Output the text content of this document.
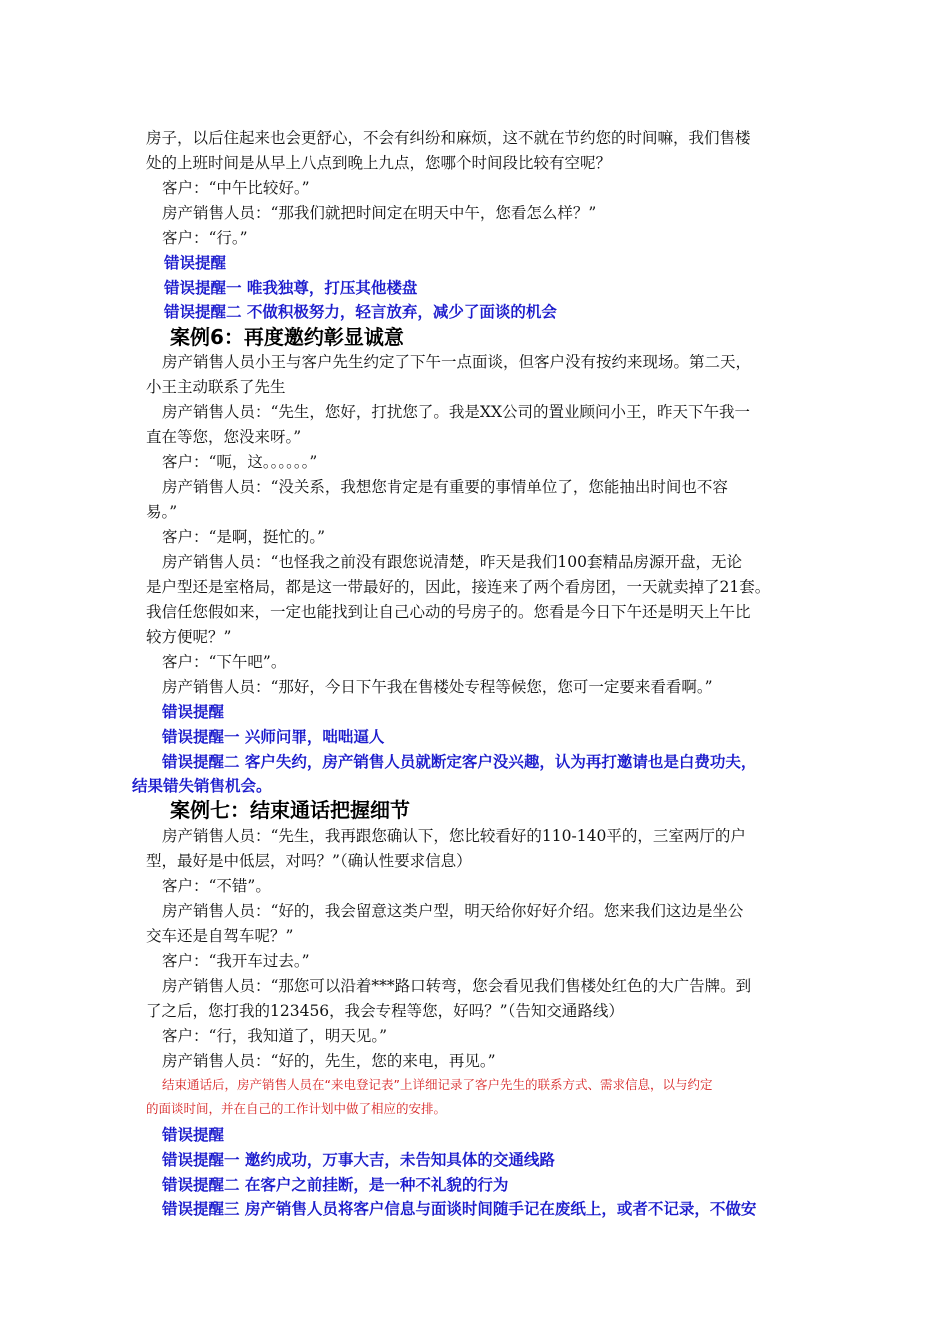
房子，以后住起来也会更舒心，不会有纠纷和麻烦，这不就在节约您的时间嘛，我们售楼
处的上班时间是从早上八点到晚上九点，您哪个时间段比较有空呢？
客户：“中午比较好。”
房产销售人员：“那我们就把时间定在明天中午，您看怎么样？”
客户：“行。”
错误提醒
错误提醒一 唯我独尊，打压其他楼盘
错误提醒二 不做积极努力，轻言放弃，减少了面谈的机会
案例6：再度邀约彰显诚意
房产销售人员小王与客户先生约定了下午一点面谈，但客户没有按约来现场。第二天，
小王主动联系了先生
房产销售人员：“先生，您好，打扰您了。我是XX公司的置业顾问小王，昨天下午我一
直在等您，您没来呀。”
客户：“呃，这。。。。。。”
房产销售人员：“没关系，我想您肯定是有重要的事情单位了，您能抽出时间也不容
易。”
客户：“是啊，挺忙的。”
房产销售人员：“也怪我之前没有跟您说清楚，昨天是我们100套精品房源开盘，无论
是户型还是室格局，都是这一带最好的，因此，接连来了两个看房团，一天就卖掉了21套。
我信任您假如来，一定也能找到让自己心动的号房子的。您看是今日下午还是明天上午比
较方便呢？”
客户：“下午吧”。
房产销售人员：“那好，今日下午我在售楼处专程等候您，您可一定要来看看啊。”
错误提醒
错误提醒一 兴师问罪，咄咄逼人
错误提醒二 客户失约，房产销售人员就断定客户没兴趣，认为再打邀请也是白费功夫，
结果错失销售机会。
案例七：结束通话把握细节
房产销售人员：“先生，我再跟您确认下，您比较看好的110-140平的，三室两厅的户
型，最好是中低层，对吗？”（确认性要求信息）
客户：“不错”。
房产销售人员：“好的，我会留意这类户型，明天给你好好介绍。您来我们这边是坐公
交车还是自驾车呢？”
客户：“我开车过去。”
房产销售人员：“那您可以沿着***路口转弯，您会看见我们售楼处红色的大广告牌。到
了之后，您打我的123456，我会专程等您，好吗？”（告知交通路线）
客户：“行，我知道了，明天见。”
房产销售人员：“好的，先生，您的来电，再见。”
结束通话后，房产销售人员在“来电登记表”上详细记录了客户先生的联系方式、需求信息，以与约定
的面谈时间，并在自己的工作计划中做了相应的安排。
错误提醒
错误提醒一 邀约成功，万事大吉，未告知具体的交通线路
错误提醒二 在客户之前挂断，是一种不礼貌的行为
错误提醒三 房产销售人员将客户信息与面谈时间随手记在废纸上，或者不记录，不做安
